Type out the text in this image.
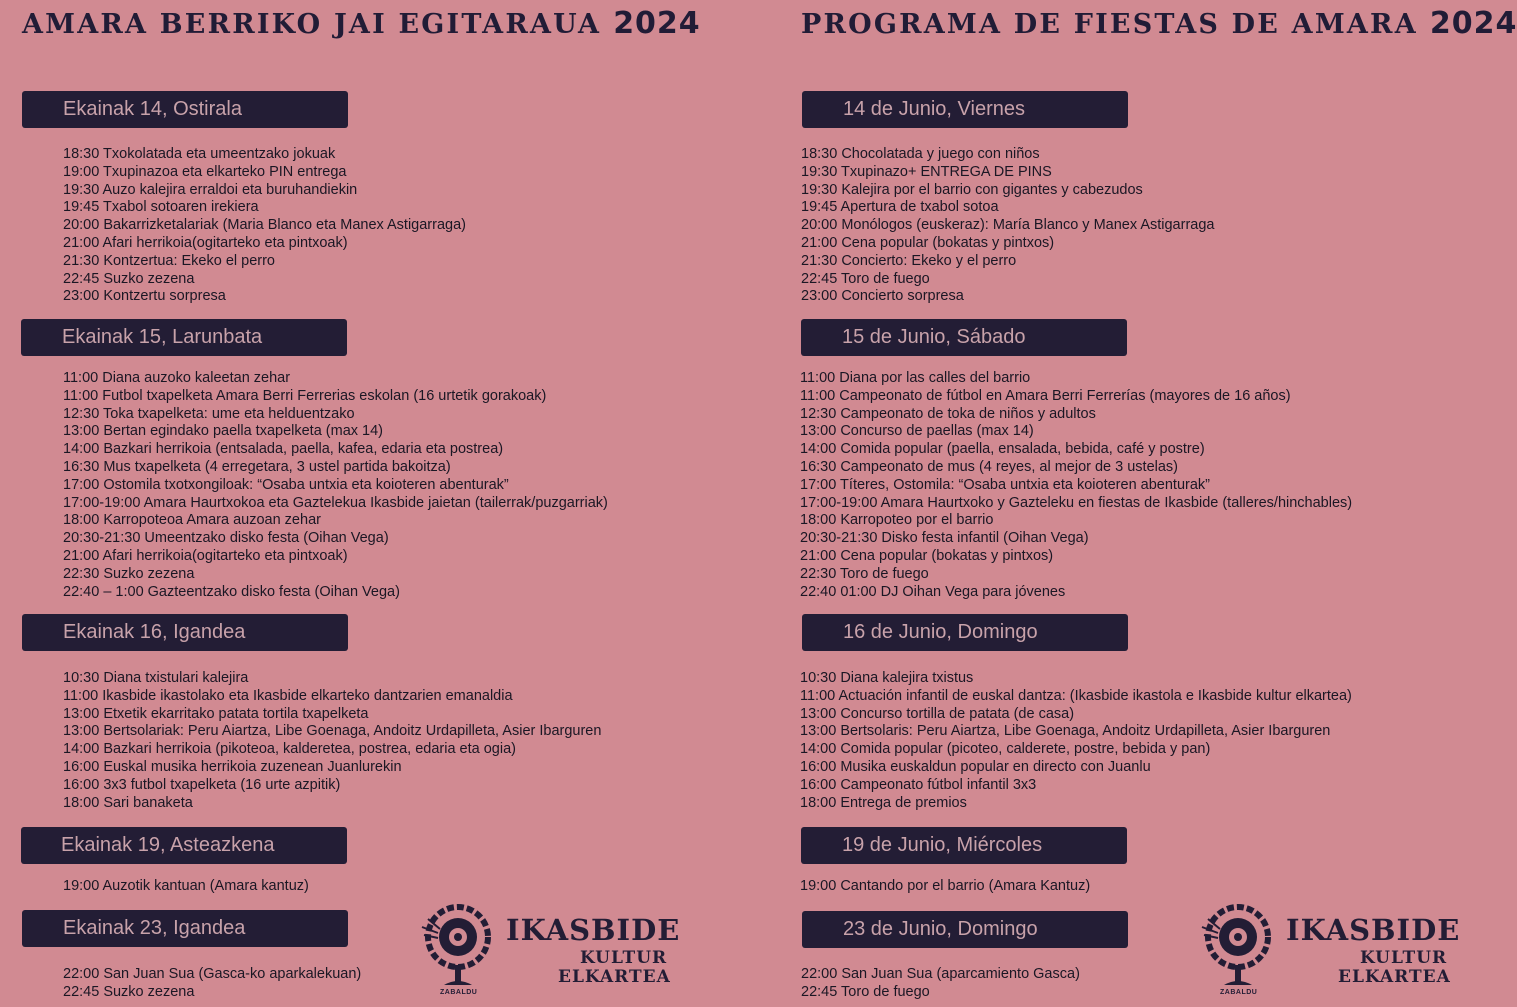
AMARA BERRIKO JAI EGITARAUA 2024
Ekainak 14, Ostirala
18:30 Txokolatada eta umeentzako jokuak
19:00 Txupinazoa eta elkarteko PIN entrega
19:30 Auzo kalejira erraldoi eta buruhandiekin
19:45 Txabol sotoaren irekiera
20:00 Bakarrizketalariak (Maria Blanco eta Manex Astigarraga)
21:00 Afari herrikoia(ogitarteko eta pintxoak)
21:30 Kontzertua: Ekeko el perro
22:45 Suzko zezena
23:00 Kontzertu sorpresa
Ekainak 15, Larunbata
11:00 Diana auzoko kaleetan zehar
11:00 Futbol txapelketa Amara Berri Ferrerias eskolan (16 urtetik gorakoak)
12:30 Toka txapelketa: ume eta helduentzako
13:00 Bertan egindako paella txapelketa (max 14)
14:00 Bazkari herrikoia (entsalada, paella, kafea, edaria eta postrea)
16:30 Mus txapelketa (4 erregetara, 3 ustel partida bakoitza)
17:00 Ostomila txotxongiloak: “Osaba untxia eta koioteren abenturak”
17:00-19:00 Amara Haurtxokoa eta Gaztelekua Ikasbide jaietan (tailerrak/puzgarriak)
18:00 Karropoteoa Amara auzoan zehar
20:30-21:30 Umeentzako disko festa (Oihan Vega)
21:00 Afari herrikoia(ogitarteko eta pintxoak)
22:30 Suzko zezena
22:40 – 1:00 Gazteentzako disko festa (Oihan Vega)
Ekainak 16, Igandea
10:30 Diana txistulari kalejira
11:00 Ikasbide ikastolako eta Ikasbide elkarteko dantzarien emanaldia
13:00 Etxetik ekarritako patata tortila txapelketa
13:00 Bertsolariak: Peru Aiartza, Libe Goenaga, Andoitz Urdapilleta, Asier Ibarguren
14:00 Bazkari herrikoia (pikoteoa, kalderetea, postrea, edaria eta ogia)
16:00 Euskal musika herrikoia zuzenean Juanlurekin
16:00 3x3 futbol txapelketa (16 urte azpitik)
18:00 Sari banaketa
Ekainak 19, Asteazkena
19:00 Auzotik kantuan (Amara kantuz)
Ekainak 23, Igandea
22:00 San Juan Sua (Gasca-ko aparkalekuan)
22:45 Suzko zezena	ZABALDU
IKASBIDE
KULTUR
ELKARTEA
PROGRAMA DE FIESTAS DE AMARA 2024
14 de Junio, Viernes
18:30 Chocolatada y juego con niños
19:30 Txupinazo+ ENTREGA DE PINS
19:30 Kalejira por el barrio con gigantes y cabezudos
19:45 Apertura de txabol sotoa
20:00 Monólogos (euskeraz): María Blanco y Manex Astigarraga
21:00 Cena popular (bokatas y pintxos)
21:30 Concierto: Ekeko y el perro
22:45 Toro de fuego
23:00 Concierto sorpresa
15 de Junio, Sábado
11:00 Diana por las calles del barrio
11:00 Campeonato de fútbol en Amara Berri Ferrerías (mayores de 16 años)
12:30 Campeonato de toka de niños y adultos
13:00 Concurso de paellas (max 14)
14:00 Comida popular (paella, ensalada, bebida, café y postre)
16:30 Campeonato de mus (4 reyes, al mejor de 3 ustelas)
17:00 Títeres, Ostomila: “Osaba untxia eta koioteren abenturak”
17:00-19:00 Amara Haurtxoko y Gazteleku en fiestas de Ikasbide (talleres/hinchables)
18:00 Karropoteo por el barrio
20:30-21:30 Disko festa infantil (Oihan Vega)
21:00 Cena popular (bokatas y pintxos)
22:30 Toro de fuego
22:40 01:00 DJ Oihan Vega para jóvenes
16 de Junio, Domingo
10:30 Diana kalejira txistus
11:00 Actuación infantil de euskal dantza: (Ikasbide ikastola e Ikasbide kultur elkartea)
13:00 Concurso tortilla de patata (de casa)
13:00 Bertsolaris: Peru Aiartza, Libe Goenaga, Andoitz Urdapilleta, Asier Ibarguren
14:00 Comida popular (picoteo, calderete, postre, bebida y pan)
16:00 Musika euskaldun popular en directo con Juanlu
16:00 Campeonato fútbol infantil 3x3
18:00 Entrega de premios
19 de Junio, Miércoles
19:00 Cantando por el barrio (Amara Kantuz)
23 de Junio, Domingo
22:00 San Juan Sua (aparcamiento Gasca)
22:45 Toro de fuego	ZABALDU
IKASBIDE
KULTUR
ELKARTEA
